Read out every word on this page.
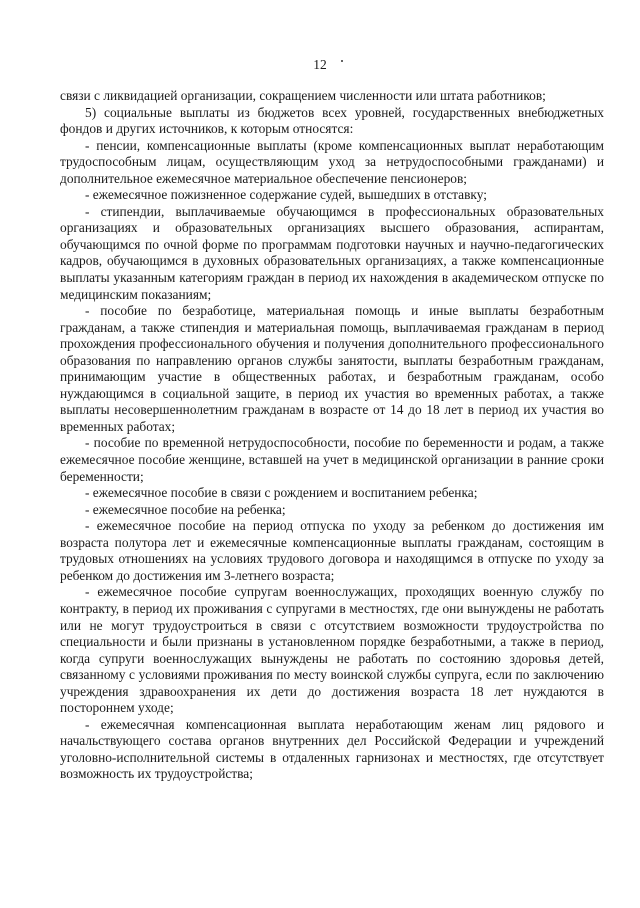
12

связи с ликвидацией организации, сокращением численности или штата работников;

5) социальные выплаты из бюджетов всех уровней, государственных внебюджетных фондов и других источников, к которым относятся:

- пенсии, компенсационные выплаты (кроме компенсационных выплат неработающим трудоспособным лицам, осуществляющим уход за нетрудоспособными гражданами) и дополнительное ежемесячное материальное обеспечение пенсионеров;

- ежемесячное пожизненное содержание судей, вышедших в отставку;

- стипендии, выплачиваемые обучающимся в профессиональных образовательных организациях и образовательных организациях высшего образования, аспирантам, обучающимся по очной форме по программам подготовки научных и научно-педагогических кадров, обучающимся в духовных образовательных организациях, а также компенсационные выплаты указанным категориям граждан в период их нахождения в академическом отпуске по медицинским показаниям;

- пособие по безработице, материальная помощь и иные выплаты безработным гражданам, а также стипендия и материальная помощь, выплачиваемая гражданам в период прохождения профессионального обучения и получения дополнительного профессионального образования по направлению органов службы занятости, выплаты безработным гражданам, принимающим участие в общественных работах, и безработным гражданам, особо нуждающимся в социальной защите, в период их участия во временных работах, а также выплаты несовершеннолетним гражданам в возрасте от 14 до 18 лет в период их участия во временных работах;

- пособие по временной нетрудоспособности, пособие по беременности и родам, а также ежемесячное пособие женщине, вставшей на учет в медицинской организации в ранние сроки беременности;

- ежемесячное пособие в связи с рождением и воспитанием ребенка;

- ежемесячное пособие на ребенка;

- ежемесячное пособие на период отпуска по уходу за ребенком до достижения им возраста полутора лет и ежемесячные компенсационные выплаты гражданам, состоящим в трудовых отношениях на условиях трудового договора и находящимся в отпуске по уходу за ребенком до достижения им 3-летнего возраста;

- ежемесячное пособие супругам военнослужащих, проходящих военную службу по контракту, в период их проживания с супругами в местностях, где они вынуждены не работать или не могут трудоустроиться в связи с отсутствием возможности трудоустройства по специальности и были признаны в установленном порядке безработными, а также в период, когда супруги военнослужащих вынуждены не работать по состоянию здоровья детей, связанному с условиями проживания по месту воинской службы супруга, если по заключению учреждения здравоохранения их дети до достижения возраста 18 лет нуждаются в постороннем уходе;

- ежемесячная компенсационная выплата неработающим женам лиц рядового и начальствующего состава органов внутренних дел Российской Федерации и учреждений уголовно-исполнительной системы в отдаленных гарнизонах и местностях, где отсутствует возможность их трудоустройства;
